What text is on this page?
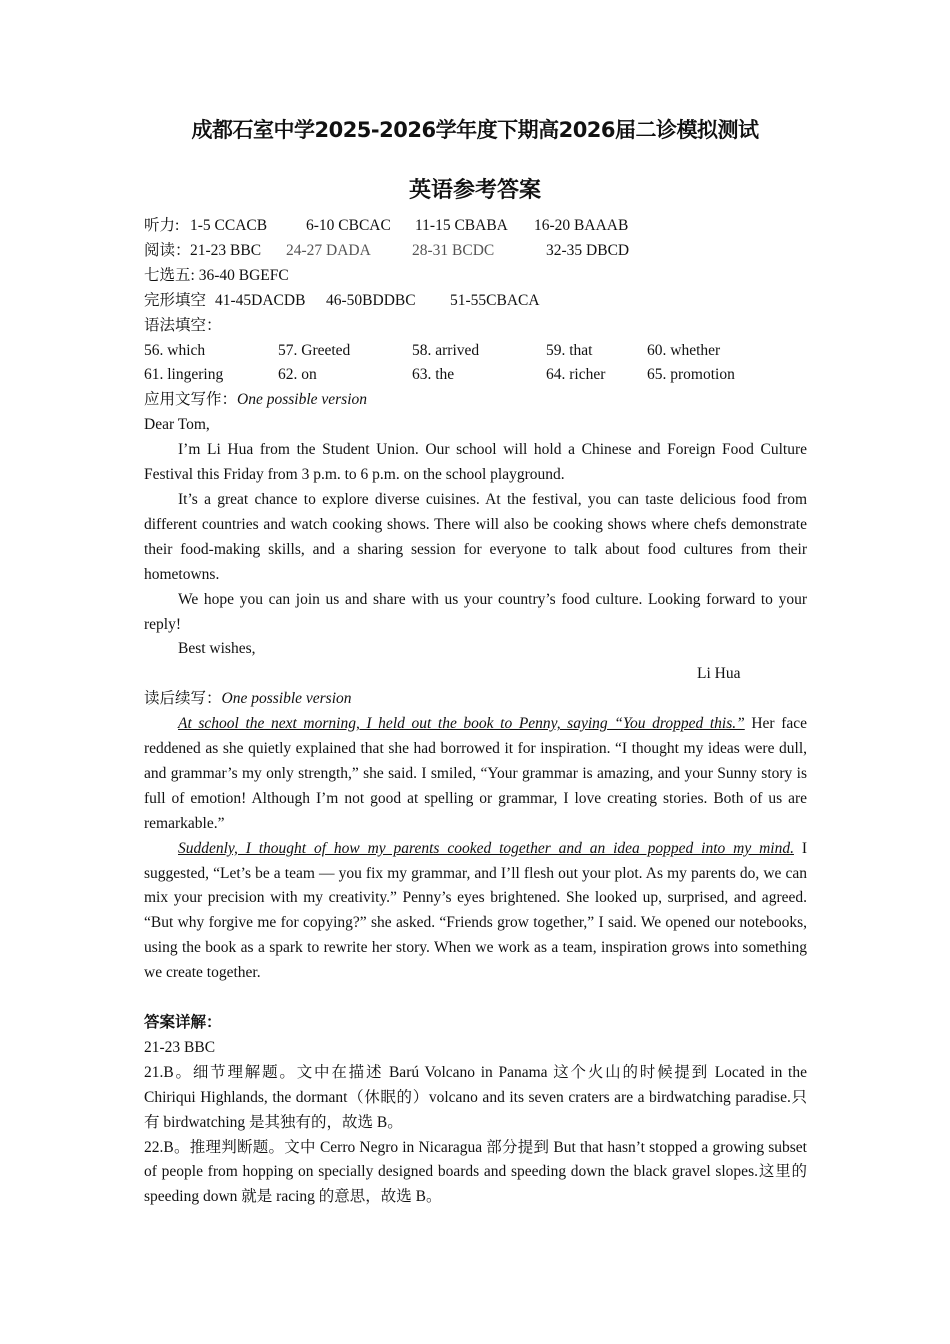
成都石室中学2025-2026学年度下期高2026届二诊模拟测试
英语参考答案
听力:1-5 CCACB	6-10 CBCAC 11-15 CBABA 16-20 BAAAB
阅读：21-23 BBC 24-27 DADA	28-31 BCDC	32-35 DBCD
七选五: 36-40 BGEFC
完形填空41-45DACDB 46-50BDDBC 51-55CBACA
语法填空：
56. which	57. Greeted	58. arrived	59. that	60. whether
61. lingering	62. on	63. the	64. richer	65. promotion
应用文写作：One possible version
Dear Tom,
I’m Li Hua from the Student Union. Our school will hold a Chinese and Foreign Food Culture Festival this Friday from 3 p.m. to 6 p.m. on the school playground.
It’s a great chance to explore diverse cuisines. At the festival, you can taste delicious food from different countries and watch cooking shows. There will also be cooking shows where chefs demonstrate their food-making skills, and a sharing session for everyone to talk about food cultures from their hometowns.
We hope you can join us and share with us your country’s food culture. Looking forward to your reply!
Best wishes,
Li Hua
读后续写：One possible version
At school the next morning, I held out the book to Penny, saying “You dropped this.” Her face reddened as she quietly explained that she had borrowed it for inspiration. “I thought my ideas were dull, and grammar’s my only strength,” she said. I smiled, “Your grammar is amazing, and your Sunny story is full of emotion! Although I’m not good at spelling or grammar, I love creating stories. Both of us are remarkable.”
Suddenly, I thought of how my parents cooked together and an idea popped into my mind. I suggested, “Let’s be a team — you fix my grammar, and I’ll flesh out your plot. As my parents do, we can mix your precision with my creativity.” Penny’s eyes brightened. She looked up, surprised, and agreed. “But why forgive me for copying?” she asked. “Friends grow together,” I said. We opened our notebooks, using the book as a spark to rewrite her story. When we work as a team, inspiration grows into something we create together.
答案详解：
21-23 BBC
21.B。细节理解题。文中在描述 Barú Volcano in Panama 这个火山的时候提到 Located in the Chiriqui Highlands, the dormant（休眠的）volcano and its seven craters are a birdwatching paradise.只有 birdwatching 是其独有的，故选 B。
22.B。推理判断题。文中 Cerro Negro in Nicaragua 部分提到 But that hasn’t stopped a growing subset of people from hopping on specially designed boards and speeding down the black gravel slopes.这里的 speeding down 就是 racing 的意思，故选 B。
